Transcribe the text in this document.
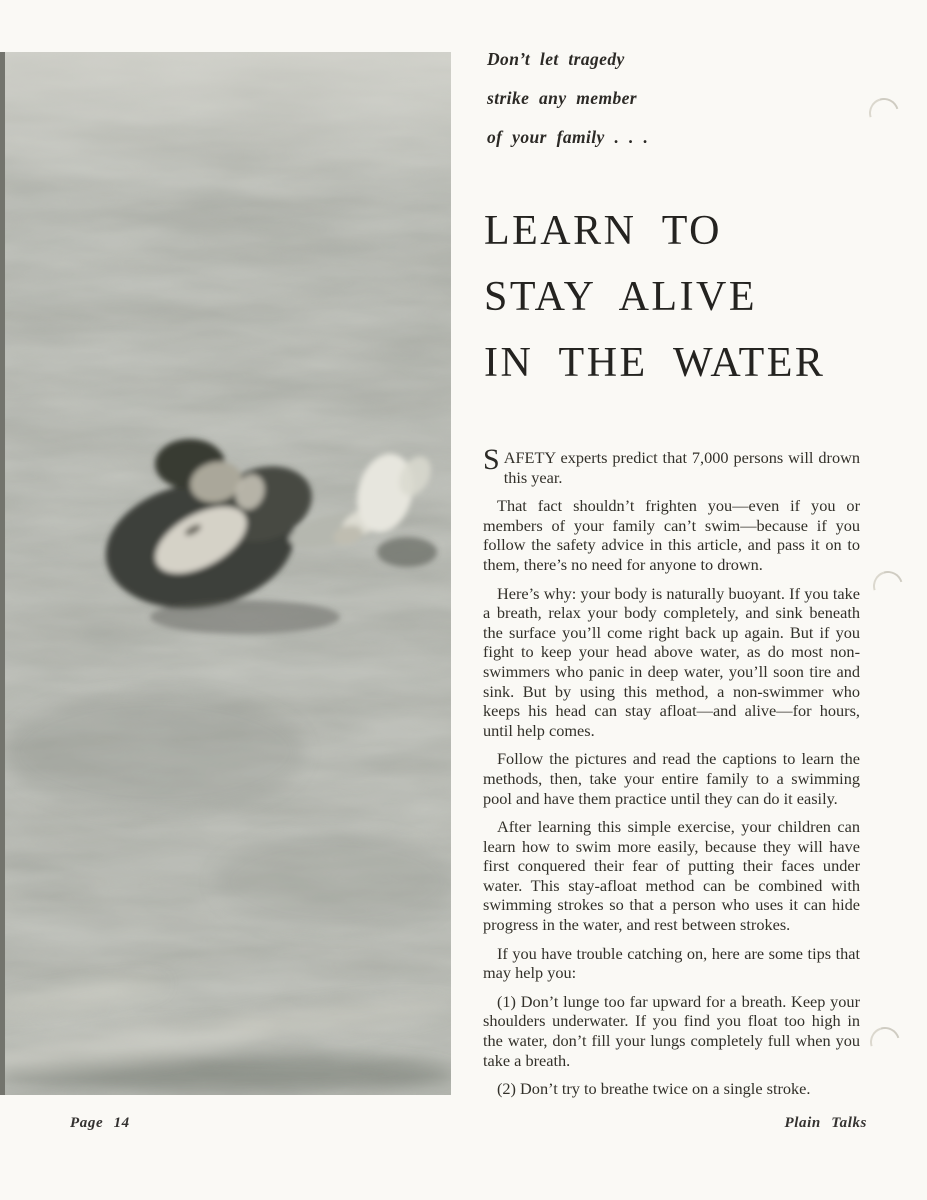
Don’t let tragedy
strike any member
of your family . . .
LEARN TO
STAY ALIVE
IN THE WATER

SAFETY experts predict that 7,000 persons will drown this year.

That fact shouldn’t frighten you—even if you or members of your family can’t swim—because if you follow the safety advice in this article, and pass it on to them, there’s no need for anyone to drown.

Here’s why: your body is naturally buoyant. If you take a breath, relax your body completely, and sink beneath the surface you’ll come right back up again. But if you fight to keep your head above water, as do most non-swimmers who panic in deep water, you’ll soon tire and sink. But by using this method, a non-swimmer who keeps his head can stay afloat—and alive—for hours, until help comes.

Follow the pictures and read the captions to learn the methods, then, take your entire family to a swimming pool and have them practice until they can do it easily.

After learning this simple exercise, your children can learn how to swim more easily, because they will have first conquered their fear of putting their faces under water. This stay-afloat method can be combined with swimming strokes so that a person who uses it can hide progress in the water, and rest between strokes.

If you have trouble catching on, here are some tips that may help you:

(1) Don’t lunge too far upward for a breath. Keep your shoulders underwater. If you find you float too high in the water, don’t fill your lungs completely full when you take a breath.

(2) Don’t try to breathe twice on a single stroke.

Page 14	Plain Talks
